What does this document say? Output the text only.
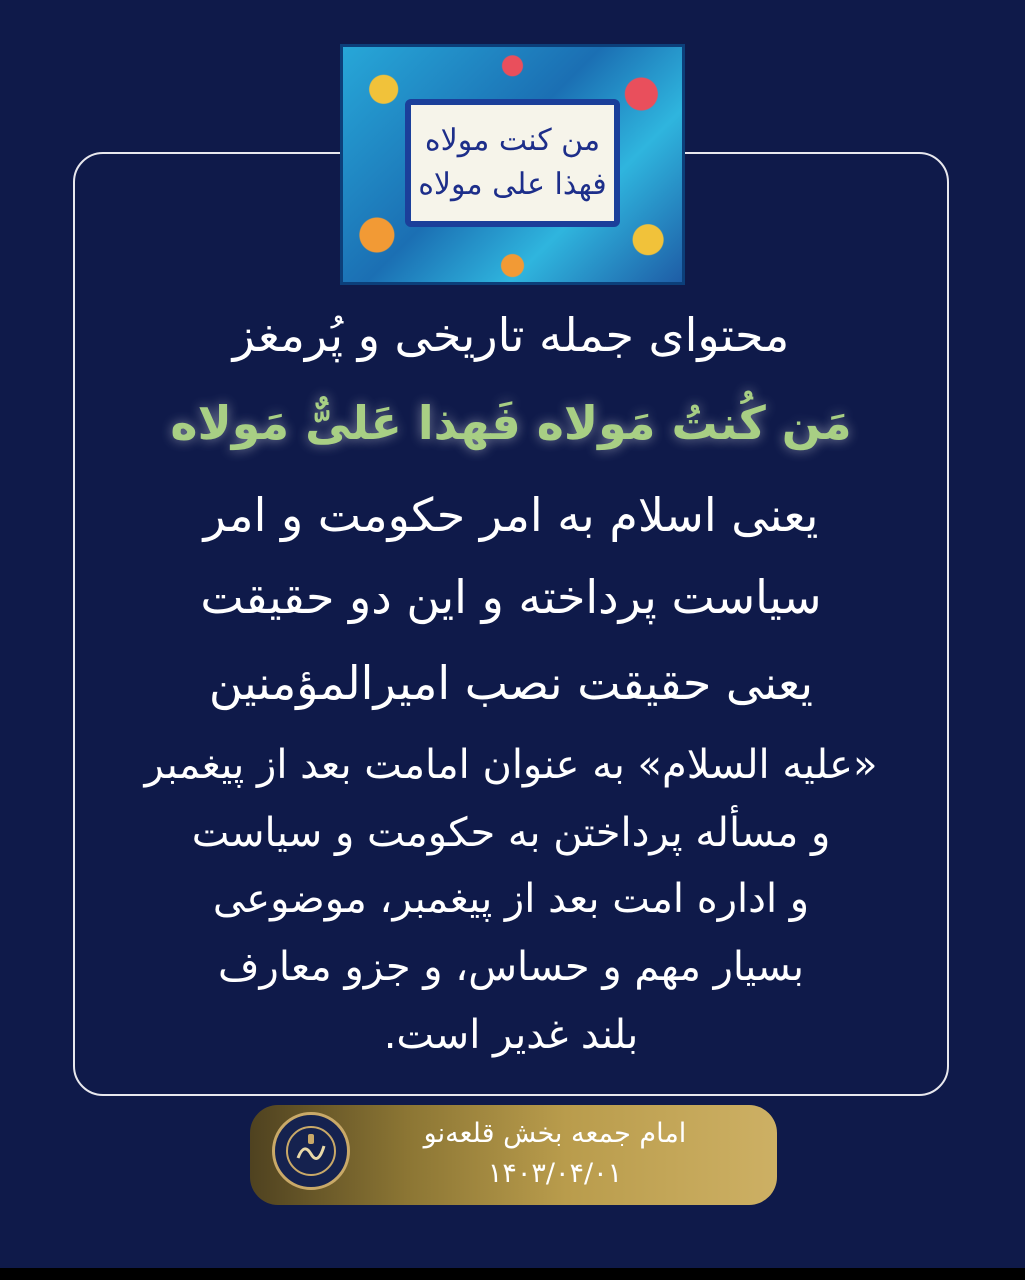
من کنت مولاه
فهذا علی مولاه
محتوای جمله تاریخی و پُرمغز
مَن کُنتُ مَولاه فَهذا عَلیٌّ مَولاه
یعنی اسلام به امر حکومت و امر
سیاست پرداخته و این دو حقیقت
یعنی حقیقت نصب امیرالمؤمنین
«علیه السلام» به عنوان امامت بعد از پیغمبر
و مسأله پرداختن به حکومت و سیاست
و اداره امت بعد از پیغمبر، موضوعی
بسیار مهم و حساس، و جزو معارف
بلند غدیر است.
امام جمعه بخش قلعه‌نو
۱۴۰۳/۰۴/۰۱
